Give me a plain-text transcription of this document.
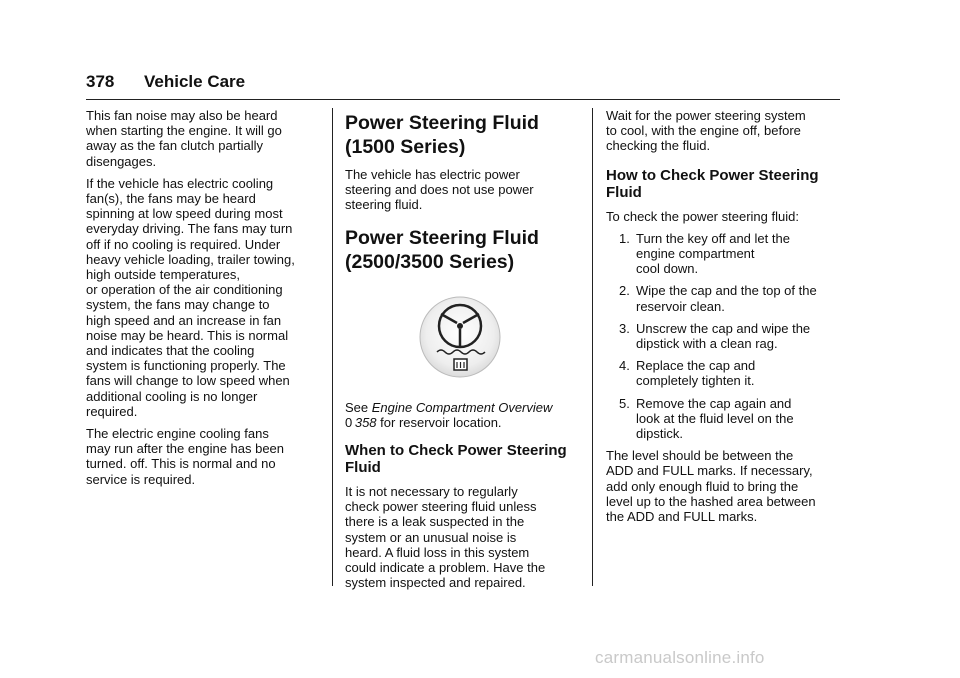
378 Vehicle Care

This fan noise may also be heard
when starting the engine. It will go
away as the fan clutch partially
disengages.

If the vehicle has electric cooling
fan(s), the fans may be heard
spinning at low speed during most
everyday driving. The fans may turn
off if no cooling is required. Under
heavy vehicle loading, trailer towing,
high outside temperatures,
or operation of the air conditioning
system, the fans may change to
high speed and an increase in fan
noise may be heard. This is normal
and indicates that the cooling
system is functioning properly. The
fans will change to low speed when
additional cooling is no longer
required.

The electric engine cooling fans
may run after the engine has been
turned. off. This is normal and no
service is required.

Power Steering Fluid
(1500 Series)

The vehicle has electric power
steering and does not use power
steering fluid.

Power Steering Fluid
(2500/3500 Series)

See Engine Compartment Overview
0  358 for reservoir location.

When to Check Power Steering
Fluid

It is not necessary to regularly
check power steering fluid unless
there is a leak suspected in the
system or an unusual noise is
heard. A fluid loss in this system
could indicate a problem. Have the
system inspected and repaired.

Wait for the power steering system
to cool, with the engine off, before
checking the fluid.

How to Check Power Steering
Fluid

To check the power steering fluid:

1. Turn the key off and let the
engine compartment
cool down.
2. Wipe the cap and the top of the
reservoir clean.
3. Unscrew the cap and wipe the
dipstick with a clean rag.
4. Replace the cap and
completely tighten it.
5. Remove the cap again and
look at the fluid level on the
dipstick.

The level should be between the
ADD and FULL marks. If necessary,
add only enough fluid to bring the
level up to the hashed area between
the ADD and FULL marks.

carmanualsonline.info
